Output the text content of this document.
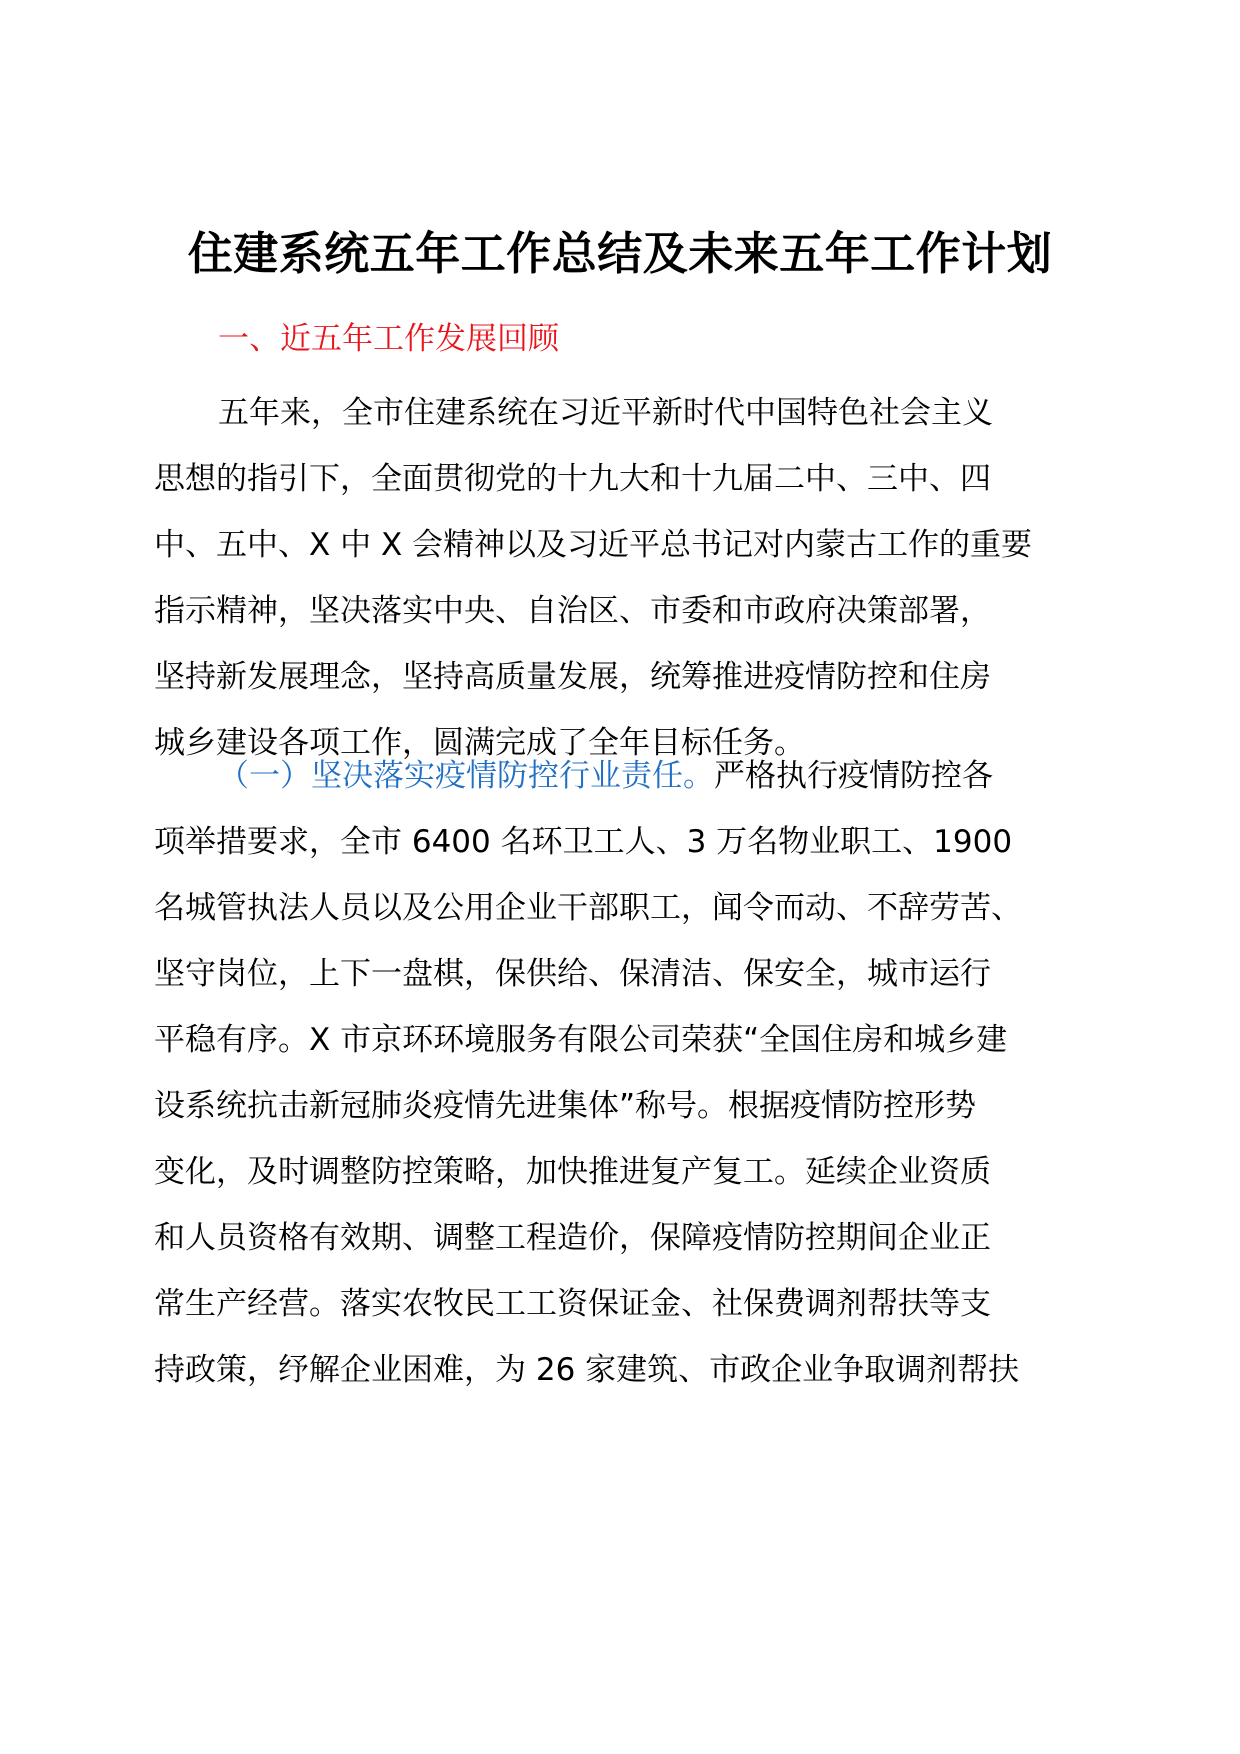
住建系统五年工作总结及未来五年工作计划
一、近五年工作发展回顾
五年来，全市住建系统在习近平新时代中国特色社会主义
思想的指引下，全面贯彻党的十九大和十九届二中、三中、四
中、五中、X 中 X 会精神以及习近平总书记对内蒙古工作的重要
指示精神，坚决落实中央、自治区、市委和市政府决策部署，
坚持新发展理念，坚持高质量发展，统筹推进疫情防控和住房
城乡建设各项工作，圆满完成了全年目标任务。
（一）坚决落实疫情防控行业责任。严格执行疫情防控各
项举措要求，全市 6400 名环卫工人、3 万名物业职工、1900
名城管执法人员以及公用企业干部职工，闻令而动、不辞劳苦、
坚守岗位，上下一盘棋，保供给、保清洁、保安全，城市运行
平稳有序。X 市京环环境服务有限公司荣获“全国住房和城乡建
设系统抗击新冠肺炎疫情先进集体”称号。根据疫情防控形势
变化，及时调整防控策略，加快推进复产复工。延续企业资质
和人员资格有效期、调整工程造价，保障疫情防控期间企业正
常生产经营。落实农牧民工工资保证金、社保费调剂帮扶等支
持政策，纾解企业困难，为 26 家建筑、市政企业争取调剂帮扶
